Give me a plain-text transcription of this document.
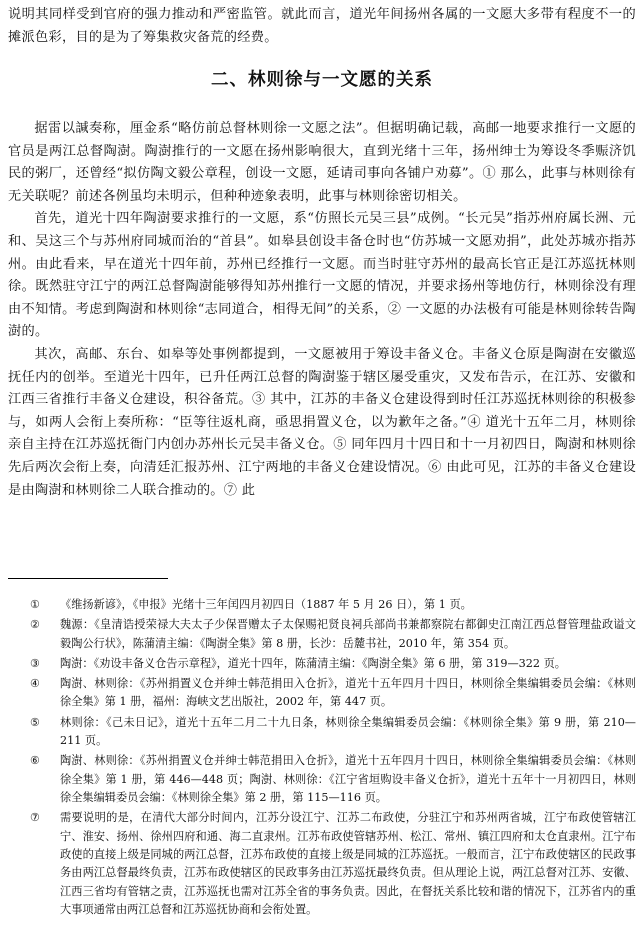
说明其同样受到官府的强力推动和严密监管。就此而言，道光年间扬州各属的一文愿大多带有程度不一的摊派色彩，目的是为了筹集救灾备荒的经费。

二、林则徐与一文愿的关系

据雷以諴奏称，厘金系“略仿前总督林则徐一文愿之法”。但据明确记载，高邮一地要求推行一文愿的官员是两江总督陶澍。陶澍推行的一文愿在扬州影响很大，直到光绪十三年，扬州绅士为筹设冬季赈济饥民的粥厂，还曾经“拟仿陶文毅公章程，创设一文愿，延请司事向各铺户劝募”。① 那么，此事与林则徐有无关联呢？前述各例虽均未明示，但种种迹象表明，此事与林则徐密切相关。

首先，道光十四年陶澍要求推行的一文愿，系“仿照长元吴三县”成例。“长元吴”指苏州府属长洲、元和、吴这三个与苏州府同城而治的“首县”。如皋县创设丰备仓时也“仿苏城一文愿劝捐”，此处苏城亦指苏州。由此看来，早在道光十四年前，苏州已经推行一文愿。而当时驻守苏州的最高长官正是江苏巡抚林则徐。既然驻守江宁的两江总督陶澍能够得知苏州推行一文愿的情况，并要求扬州等地仿行，林则徐没有理由不知情。考虑到陶澍和林则徐“志同道合，相得无间”的关系，② 一文愿的办法极有可能是林则徐转告陶澍的。

其次，高邮、东台、如皋等处事例都提到，一文愿被用于筹设丰备义仓。丰备义仓原是陶澍在安徽巡抚任内的创举。至道光十四年，已升任两江总督的陶澍鉴于辖区屡受重灾，又发布告示，在江苏、安徽和江西三省推行丰备义仓建设，积谷备荒。③ 其中，江苏的丰备义仓建设得到时任江苏巡抚林则徐的积极参与，如两人会衔上奏所称：“臣等往返札商，亟思捐置义仓，以为歉年之备。”④ 道光十五年二月，林则徐亲自主持在江苏巡抚衙门内创办苏州长元吴丰备义仓。⑤ 同年四月十四日和十一月初四日，陶澍和林则徐先后两次会衔上奏，向清廷汇报苏州、江宁两地的丰备义仓建设情况。⑥ 由此可见，江苏的丰备义仓建设是由陶澍和林则徐二人联合推动的。⑦ 此

①	《维扬新谚》，《申报》光绪十三年闰四月初四日（1887 年 5 月 26 日），第 1 页。
②	魏源：《皇清诰授荣禄大夫太子少保晋赠太子太保赐祀贤良祠兵部尚书兼都察院右都御史江南江西总督管理盐政谥文毅陶公行状》，陈蒲清主编：《陶澍全集》第 8 册，长沙：岳麓书社，2010 年，第 354 页。
③	陶澍：《劝设丰备义仓告示章程》，道光十四年，陈蒲清主编：《陶澍全集》第 6 册，第 319—322 页。
④	陶澍、林则徐：《苏州捐置义仓并绅士韩范捐田入仓折》，道光十五年四月十四日，林则徐全集编辑委员会编：《林则徐全集》第 1 册，福州：海峡文艺出版社，2002 年，第 447 页。
⑤	林则徐：《己未日记》，道光十五年二月二十九日条，林则徐全集编辑委员会编：《林则徐全集》第 9 册，第 210—211 页。
⑥	陶澍、林则徐：《苏州捐置义仓并绅士韩范捐田入仓折》，道光十五年四月十四日，林则徐全集编辑委员会编：《林则徐全集》第 1 册，第 446—448 页；陶澍、林则徐：《江宁省垣购设丰备义仓折》，道光十五年十一月初四日，林则徐全集编辑委员会编：《林则徐全集》第 2 册，第 115—116 页。
⑦	需要说明的是，在清代大部分时间内，江苏分设江宁、江苏二布政使，分驻江宁和苏州两省城，江宁布政使管辖江宁、淮安、扬州、徐州四府和通、海二直隶州。江苏布政使管辖苏州、松江、常州、镇江四府和太仓直隶州。江宁布政使的直接上级是同城的两江总督，江苏布政使的直接上级是同城的江苏巡抚。一般而言，江宁布政使辖区的民政事务由两江总督最终负责，江苏布政使辖区的民政事务由江苏巡抚最终负责。但从理论上说，两江总督对江苏、安徽、江西三省均有管辖之责，江苏巡抚也需对江苏全省的事务负责。因此，在督抚关系比较和谐的情况下，江苏省内的重大事项通常由两江总督和江苏巡抚协商和会衔处置。
